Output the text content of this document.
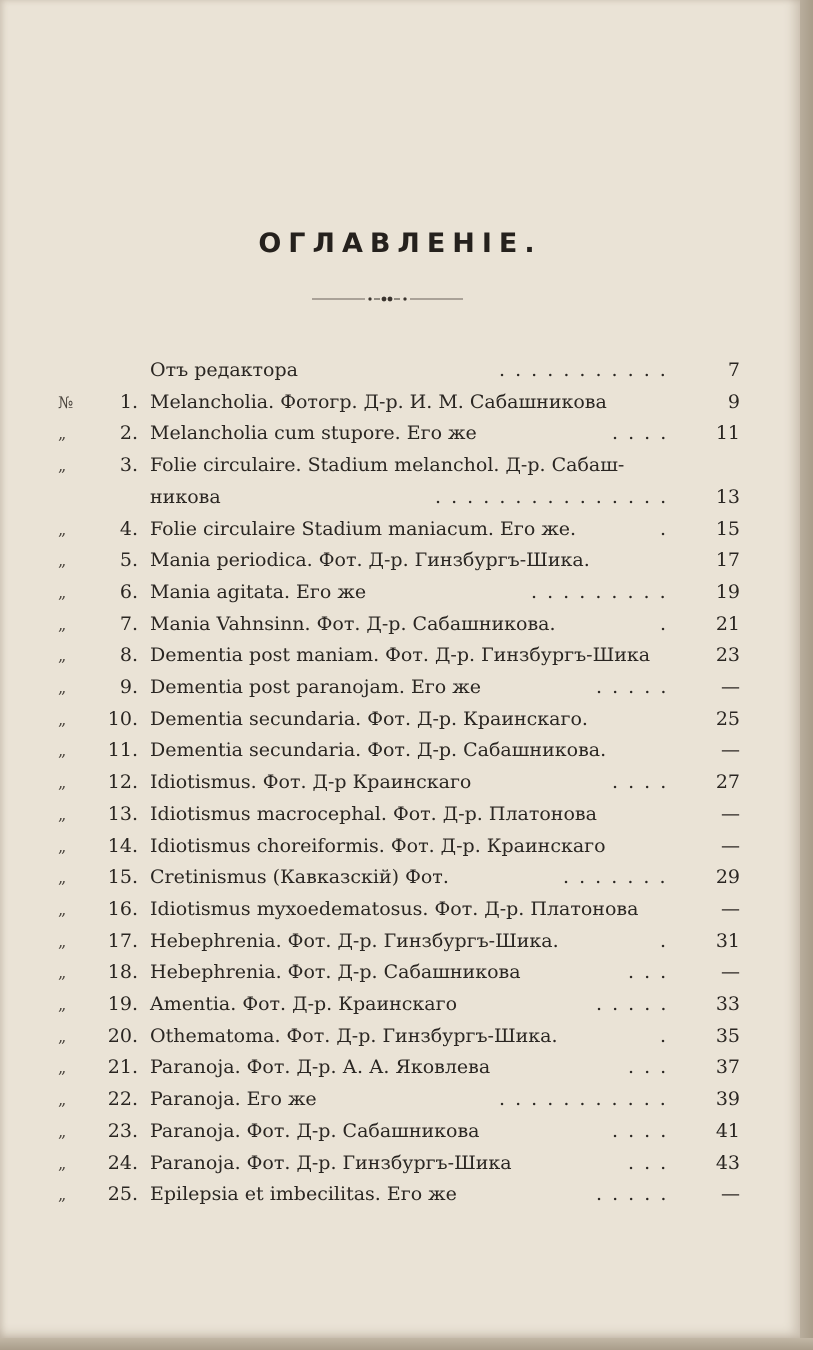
ОГЛАВЛЕНІЕ.
Отъ редактора	. . . . . . . . . . .	7
№	1. Melancholia. Фотогр. Д-р. И. М. Сабашникова	9
„	2. Melancholia cum stupore. Его же	. . . .	11
„	3. Folie circulaire. Stadium melanchol. Д-р. Сабаш-
никова	. . . . . . . . . . . . . . .	13
„	4. Folie circulaire Stadium maniacum. Его же.	.	15
„	5. Mania periodica. Фот. Д-р. Гинзбургъ-Шика.	17
„	6. Mania agitata. Его же	. . . . . . . . .	19
„	7. Mania Vahnsinn. Фот. Д-р. Сабашникова.	.	21
„	8. Dementia post maniam. Фот. Д-р. Гинзбургъ-Шика	23
„	9. Dementia post paranojam. Его же	. . . . .	—
„	10. Dementia secundaria. Фот. Д-р. Краинскаго.	25
„	11. Dementia secundaria. Фот. Д-р. Сабашникова.	—
„	12. Idiotismus. Фот. Д-р Краинскаго	. . . .	27
„	13. Idiotismus macrocephal. Фот. Д-р. Платонова	—
„	14. Idiotismus choreiformis. Фот. Д-р. Краинскаго	—
„	15. Cretinismus (Кавказскій) Фот.	. . . . . . .	29
„	16. Idiotismus myxoedematosus. Фот. Д-р. Платонова	—
„	17. Hebephrenia. Фот. Д-р. Гинзбургъ-Шика.	.	31
„	18. Hebephrenia. Фот. Д-р. Сабашникова	. . .	—
„	19. Amentia. Фот. Д-р. Краинскаго	. . . . .	33
„	20. Othematoma. Фот. Д-р. Гинзбургъ-Шика.	.	35
„	21. Paranoja. Фот. Д-р. А. А. Яковлева	. . .	37
„	22. Paranoja. Его же	. . . . . . . . . . .	39
„	23. Paranoja. Фот. Д-р. Сабашникова	. . . .	41
„	24. Paranoja. Фот. Д-р. Гинзбургъ-Шика	. . .	43
„	25. Epilepsia et imbecilitas. Его же	. . . . .	—
